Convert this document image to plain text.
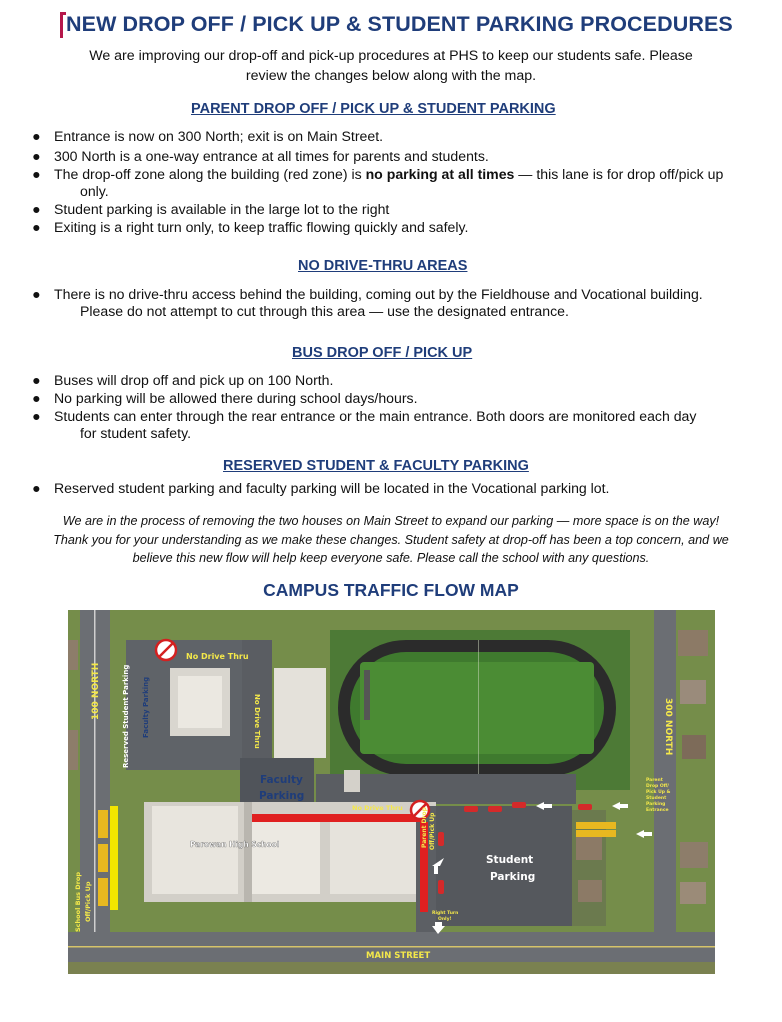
NEW DROP OFF / PICK UP & STUDENT PARKING PROCEDURES

We are improving our drop-off and pick-up procedures at PHS to keep our students safe. Please
review the changes below along with the map.

PARENT DROP OFF / PICK UP & STUDENT PARKING
● Entrance is now on 300 North; exit is on Main Street.
● 300 North is a one-way entrance at all times for parents and students.
● The drop-off zone along the building (red zone) is no parking at all times — this lane is for drop off/pick up
only.
● Student parking is available in the large lot to the right
● Exiting is a right turn only, to keep traffic flowing quickly and safely.
NO DRIVE-THRU AREAS
● There is no drive-thru access behind the building, coming out by the Fieldhouse and Vocational building.
Please do not attempt to cut through this area — use the designated entrance.
BUS DROP OFF / PICK UP
● Buses will drop off and pick up on 100 North.
● No parking will be allowed there during school days/hours.
● Students can enter through the rear entrance or the main entrance. Both doors are monitored each day
for student safety.
RESERVED STUDENT & FACULTY PARKING
● Reserved student parking and faculty parking will be located in the Vocational parking lot.

We are in the process of removing the two houses on Main Street to expand our parking — more space is on the way!
Thank you for your understanding as we make these changes. Student safety at drop-off has been a top concern, and we
believe this new flow will help keep everyone safe. Please call the school with any questions.

CAMPUS TRAFFIC FLOW MAP
No Drive Thru
No Drive Thru
No Drive Thru
100 NORTH
300 NORTH
MAIN STREET
Reserved Student Parking Faculty Parking
Faculty
Parking
Parowan High School
Student
Parking
Parent Drop Off/Pick Up
Right Turn
Only!
School Bus Drop Off/Pick Up
Parent
Drop Off/
Pick Up &
Student
Parking
Entrance
